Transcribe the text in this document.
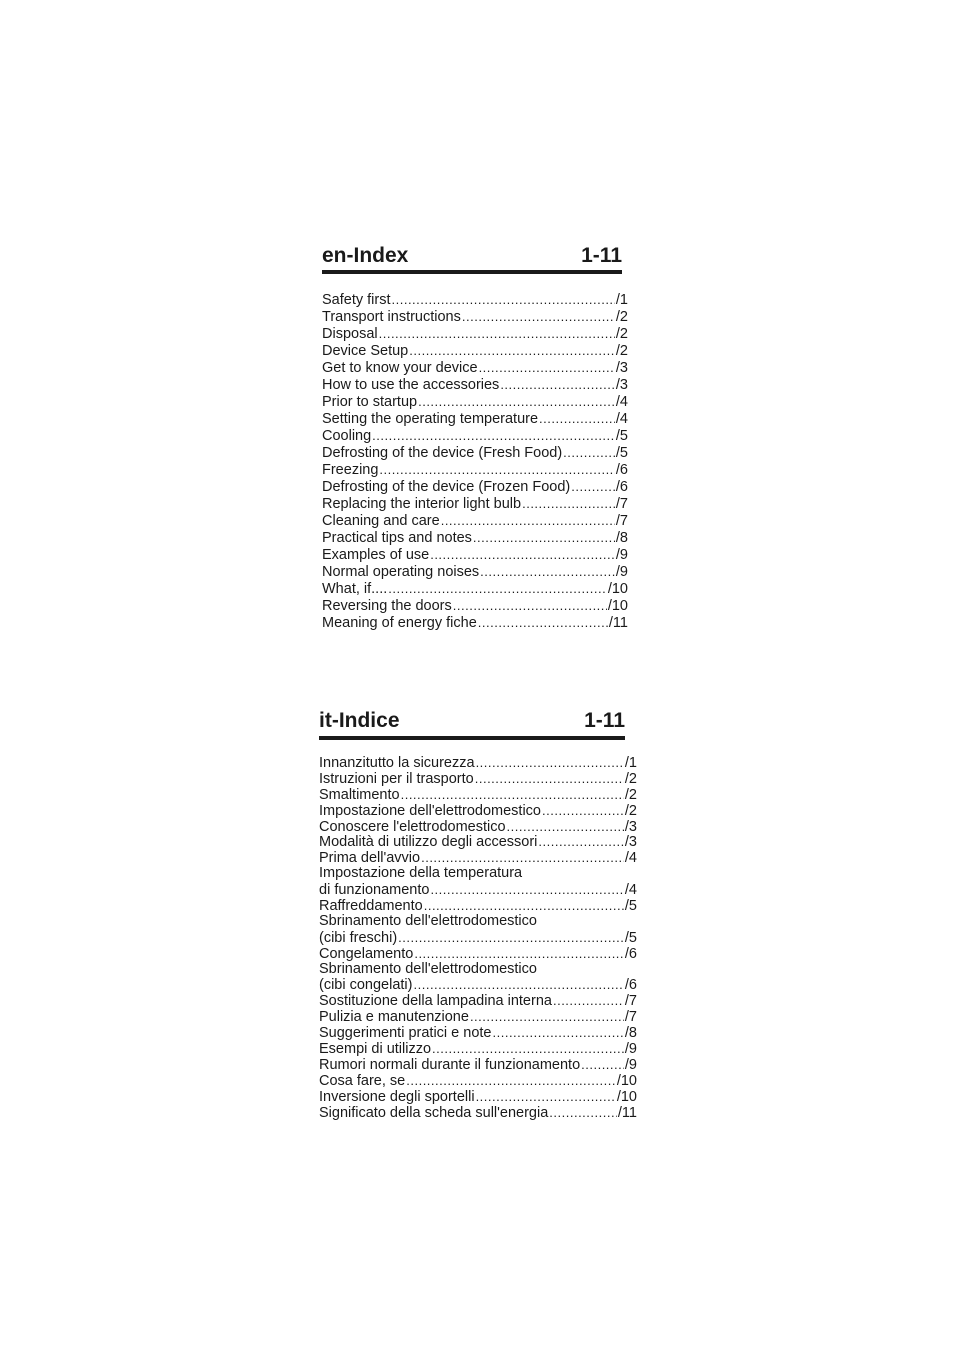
en-Index	1-11
Safety first .....	/1
Transport instructions .....	/2
Disposal .....	/2
Device Setup .....	/2
Get to know your device .....	/3
How to use the accessories .....	/3
Prior to startup .....	/4
Setting the operating temperature .....	/4
Cooling .....	/5
Defrosting of the device (Fresh Food) .....	/5
Freezing .....	/6
Defrosting of the device (Frozen Food) .....	/6
Replacing the interior light bulb .....	/7
Cleaning and care .....	/7
Practical tips and notes .....	/8
Examples of use .....	/9
Normal operating noises .....	/9
What, if.... .....	/10
Reversing the doors .....	/10
Meaning of energy fiche .....	/11
it-Indice	1-11
Innanzitutto la sicurezza .....	/1
Istruzioni per il trasporto .....	/2
Smaltimento .....	/2
Impostazione dell'elettrodomestico .....	/2
Conoscere l'elettrodomestico .....	/3
Modalità di utilizzo degli accessori .....	/3
Prima dell'avvio .....	/4
Impostazione della temperatura
di funzionamento .....	/4
Raffreddamento .....	/5
Sbrinamento dell'elettrodomestico
(cibi freschi) .....	/5
Congelamento .....	/6
Sbrinamento dell'elettrodomestico
(cibi congelati) .....	/6
Sostituzione della lampadina interna .....	/7
Pulizia e manutenzione .....	/7
Suggerimenti pratici e note .....	/8
Esempi di utilizzo .....	/9
Rumori normali durante il funzionamento .....	/9
Cosa fare, se .....	/10
Inversione degli sportelli .....	/10
Significato della scheda sull'energia .....	/11
